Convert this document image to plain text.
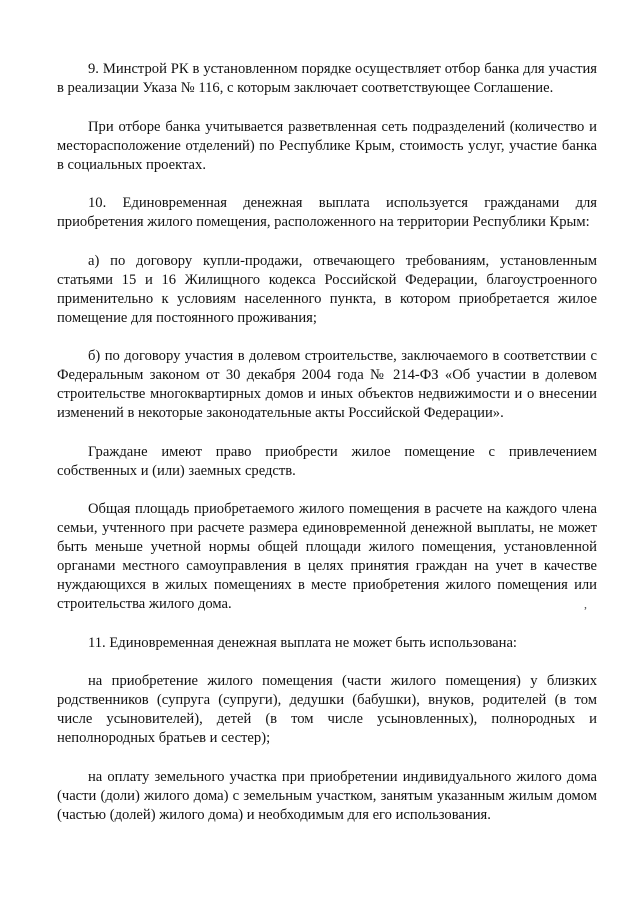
9. Минстрой РК в установленном порядке осуществляет отбор банка для участия в реализации Указа № 116, с которым заключает соответствующее Соглашение.

При отборе банка учитывается разветвленная сеть подразделений (количество и месторасположение отделений) по Республике Крым, стоимость услуг, участие банка в социальных проектах.

10. Единовременная денежная выплата используется гражданами для приобретения жилого помещения, расположенного на территории Республики Крым:

а) по договору купли-продажи, отвечающего требованиям, установленным статьями 15 и 16 Жилищного кодекса Российской Федерации, благоустроенного применительно к условиям населенного пункта, в котором приобретается жилое помещение для постоянного проживания;

б) по договору участия в долевом строительстве, заключаемого в соответствии с Федеральным законом от 30 декабря 2004 года № 214-ФЗ «Об участии в долевом строительстве многоквартирных домов и иных объектов недвижимости и о внесении изменений в некоторые законодательные акты Российской Федерации».

Граждане имеют право приобрести жилое помещение с привлечением собственных и (или) заемных средств.

Общая площадь приобретаемого жилого помещения в расчете на каждого члена семьи, учтенного при расчете размера единовременной денежной выплаты, не может быть меньше учетной нормы общей площади жилого помещения, установленной органами местного самоуправления в целях принятия граждан на учет в качестве нуждающихся в жилых помещениях в месте приобретения жилого помещения или строительства жилого дома.

11. Единовременная денежная выплата не может быть использована:

на приобретение жилого помещения (части жилого помещения) у близких родственников (супруга (супруги), дедушки (бабушки), внуков, родителей (в том числе усыновителей), детей (в том числе усыновленных), полнородных и неполнородных братьев и сестер);

на оплату земельного участка при приобретении индивидуального жилого дома (части (доли) жилого дома) с земельным участком, занятым указанным жилым домом (частью (долей) жилого дома) и необходимым для его использования.

,
